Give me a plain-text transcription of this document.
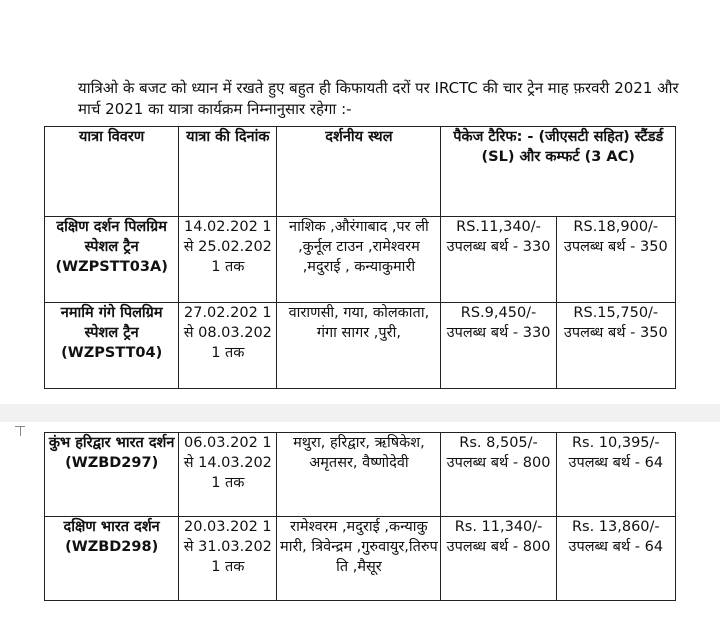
यात्रिओ के बजट को ध्यान में रखते हुए बहुत ही किफायती दरों पर IRCTC की चार ट्रेन माह फ़रवरी 2021 और मार्च 2021 का यात्रा कार्यक्रम निम्नानुसार रहेगा :-
यात्रा विवरण	यात्रा की दिनांक	दर्शनीय स्थल	पैकेज टैरिफ: - (जीएसटी सहित) स्टैंडर्ड (SL) और कम्फर्ट (3 AC)	
दक्षिण दर्शन पिलग्रिम स्पेशल ट्रैन (WZPSTT03A)	14.02.202 1 से 25.02.202 1 तक	नाशिक ,औरंगाबाद ,पर ली ,कुर्नूल टाउन ,रामेश्वरम ,मदुराई , कन्याकुमारी	RS.11,340/- उपलब्ध बर्थ - 330	RS.18,900/- उपलब्ध बर्थ - 350
नमामि गंगे पिलग्रिम स्पेशल ट्रैन (WZPSTT04)	27.02.202 1 से 08.03.202 1 तक	वाराणसी, गया, कोलकाता, गंगा सागर ,पुरी,	RS.9,450/- उपलब्ध बर्थ - 330	RS.15,750/- उपलब्ध बर्थ - 350
कुंभ हरिद्वार भारत दर्शन (WZBD297)	06.03.202 1 से 14.03.202 1 तक	मथुरा, हरिद्वार, ऋषिकेश, अमृतसर, वैष्णोदेवी	Rs. 8,505/- उपलब्ध बर्थ - 800	Rs. 10,395/- उपलब्ध बर्थ - 64
दक्षिण भारत दर्शन (WZBD298)	20.03.202 1 से 31.03.202 1 तक	रामेश्वरम ,मदुराई ,कन्याकु मारी, त्रिवेन्द्रम ,गुरुवायुर,तिरुप ति ,मैसूर	Rs. 11,340/- उपलब्ध बर्थ - 800	Rs. 13,860/- उपलब्ध बर्थ - 64
